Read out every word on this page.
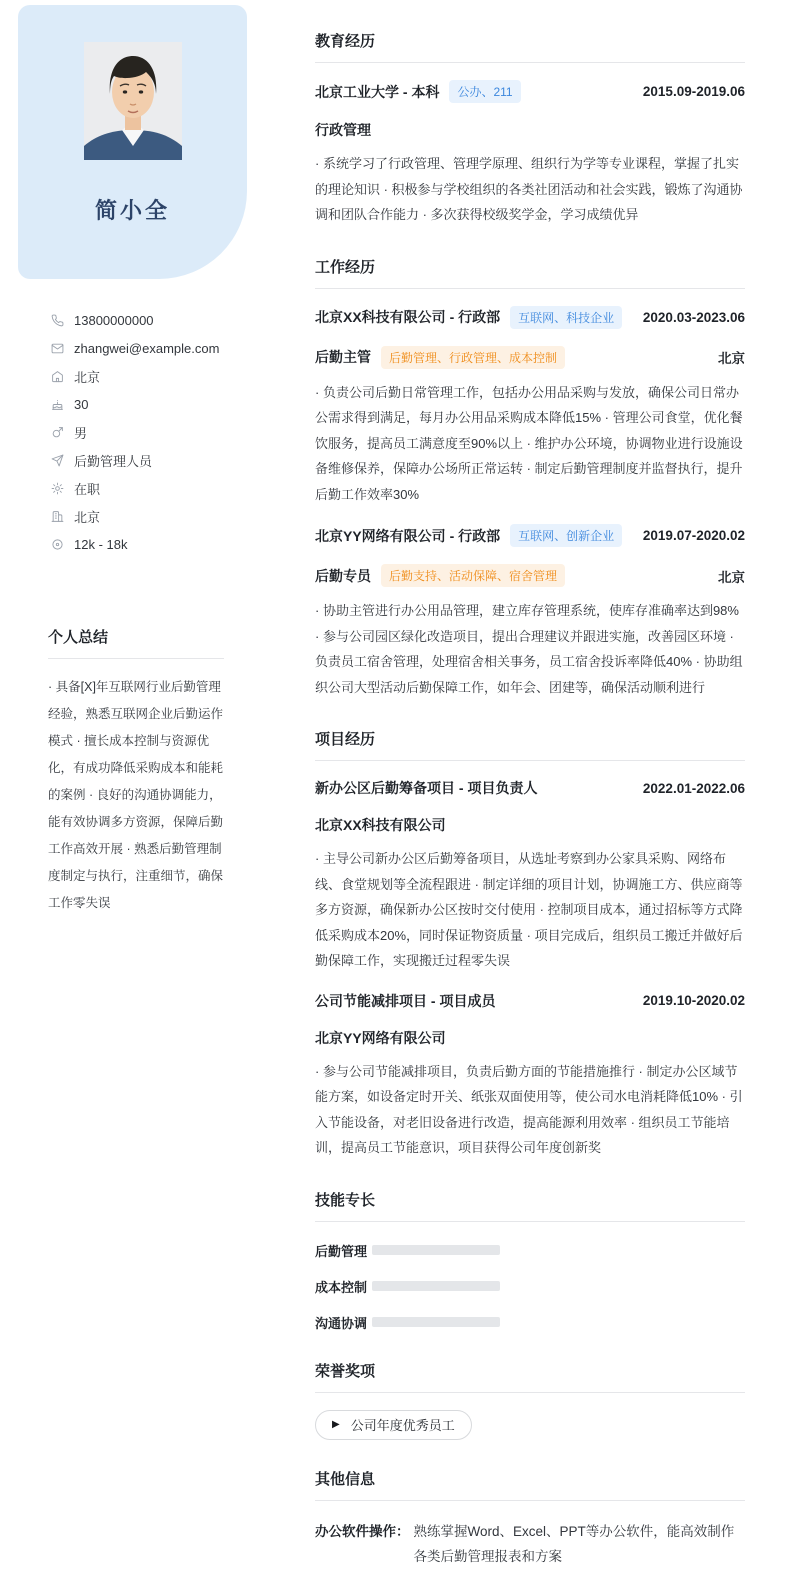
简小全
13800000000
zhangwei@example.com
北京
30
男
后勤管理人员
在职
北京
12k - 18k
个人总结

· 具备[X]年互联网行业后勤管理经验，熟悉互联网企业后勤运作模式 · 擅长成本控制与资源优化，有成功降低采购成本和能耗的案例 · 良好的沟通协调能力，能有效协调多方资源，保障后勤工作高效开展 · 熟悉后勤管理制度制定与执行，注重细节，确保工作零失误

教育经历
北京工业大学 - 本科	公办、211	2015.09-2019.06
行政管理

· 系统学习了行政管理、管理学原理、组织行为学等专业课程，掌握了扎实的理论知识 · 积极参与学校组织的各类社团活动和社会实践，锻炼了沟通协调和团队合作能力 · 多次获得校级奖学金，学习成绩优异

工作经历
北京XX科技有限公司 - 行政部	互联网、科技企业	2020.03-2023.06
后勤主管	后勤管理、行政管理、成本控制	北京

· 负责公司后勤日常管理工作，包括办公用品采购与发放，确保公司日常办公需求得到满足，每月办公用品采购成本降低15% · 管理公司食堂，优化餐饮服务，提高员工满意度至90%以上 · 维护办公环境，协调物业进行设施设备维修保养，保障办公场所正常运转 · 制定后勤管理制度并监督执行，提升后勤工作效率30%

北京YY网络有限公司 - 行政部	互联网、创新企业	2019.07-2020.02
后勤专员	后勤支持、活动保障、宿舍管理	北京

· 协助主管进行办公用品管理，建立库存管理系统，使库存准确率达到98% · 参与公司园区绿化改造项目，提出合理建议并跟进实施，改善园区环境 · 负责员工宿舍管理，处理宿舍相关事务，员工宿舍投诉率降低40% · 协助组织公司大型活动后勤保障工作，如年会、团建等，确保活动顺利进行

项目经历
新办公区后勤筹备项目 - 项目负责人	2022.01-2022.06
北京XX科技有限公司

· 主导公司新办公区后勤筹备项目，从选址考察到办公家具采购、网络布线、食堂规划等全流程跟进 · 制定详细的项目计划，协调施工方、供应商等多方资源，确保新办公区按时交付使用 · 控制项目成本，通过招标等方式降低采购成本20%，同时保证物资质量 · 项目完成后，组织员工搬迁并做好后勤保障工作，实现搬迁过程零失误

公司节能减排项目 - 项目成员	2019.10-2020.02
北京YY网络有限公司

· 参与公司节能减排项目，负责后勤方面的节能措施推行 · 制定办公区域节能方案，如设备定时开关、纸张双面使用等，使公司水电消耗降低10% · 引入节能设备，对老旧设备进行改造，提高能源利用效率 · 组织员工节能培训，提高员工节能意识，项目获得公司年度创新奖

技能专长
后勤管理
成本控制
沟通协调
荣誉奖项
▶ 公司年度优秀员工
其他信息
办公软件操作： 熟练掌握Word、Excel、PPT等办公软件，能高效制作各类后勤管理报表和方案
